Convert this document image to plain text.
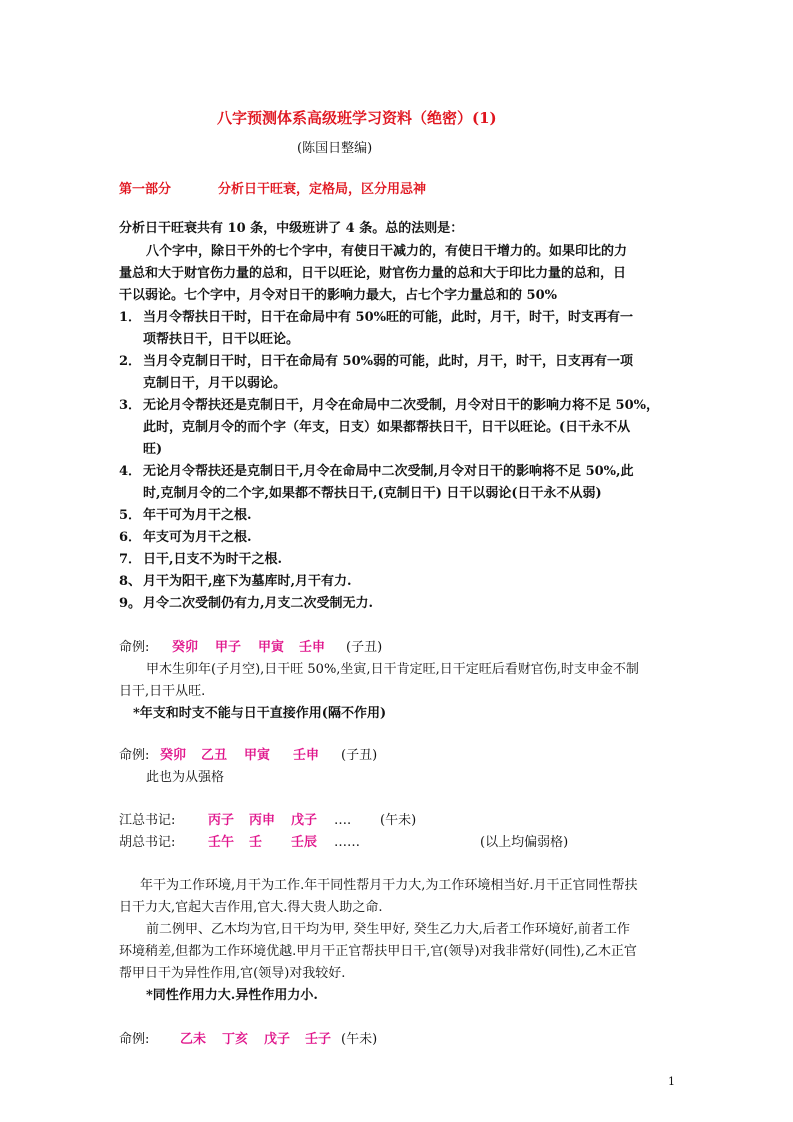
八字预测体系高级班学习资料（绝密）(1)
(陈国日整编)
第一部分	分析日干旺衰，定格局，区分用忌神
分析日干旺衰共有 10 条，中级班讲了 4 条。总的法则是：
八个字中，除日干外的七个字中，有使日干减力的，有使日干增力的。如果印比的力
量总和大于财官伤力量的总和，日干以旺论，财官伤力量的总和大于印比力量的总和，日
干以弱论。七个字中，月令对日干的影响力最大，占七个字力量总和的 50%
1． 当月令帮扶日干时，日干在命局中有 50%旺的可能，此时，月干，时干，时支再有一
项帮扶日干，日干以旺论。
2． 当月令克制日干时，日干在命局有 50%弱的可能，此时，月干，时干，日支再有一项
克制日干，月干以弱论。
3． 无论月令帮扶还是克制日干，月令在命局中二次受制，月令对日干的影响力将不足 50%，
此时，克制月令的而个字（年支，日支）如果都帮扶日干，日干以旺论。(日干永不从
旺)
4． 无论月令帮扶还是克制日干,月令在命局中二次受制,月令对日干的影响将不足 50%,此
时,克制月令的二个字,如果都不帮扶日干,(克制日干) 日干以弱论(日干永不从弱)
5． 年干可为月干之根.
6． 年支可为月干之根.
7． 日干,日支不为时干之根.
8、 月干为阳干,座下为墓库时,月干有力.
9。 月令二次受制仍有力,月支二次受制无力.
命例: 癸卯 甲子 甲寅 壬申 (子丑)
甲木生卯年(子月空),日干旺 50%,坐寅,日干肯定旺,日干定旺后看财官伤,时支申金不制
日干,日干从旺.
*年支和时支不能与日干直接作用(隔不作用)
命例: 癸卯 乙丑 甲寅 壬申 (子丑)
此也为从强格
江总书记:	丙子 丙申 戊子 …. (午未)
胡总书记:	壬午 壬 壬辰 ……	(以上均偏弱格)
年干为工作环境,月干为工作.年干同性帮月干力大,为工作环境相当好.月干正官同性帮扶
日干力大,官起大吉作用,官大.得大贵人助之命.
前二例甲、乙木均为官,日干均为甲, 癸生甲好, 癸生乙力大,后者工作环境好,前者工作
环境稍差,但都为工作环境优越.甲月干正官帮扶甲日干,官(领导)对我非常好(同性),乙木正官
帮甲日干为异性作用,官(领导)对我较好.
*同性作用力大.异性作用力小.
命例: 乙未 丁亥 戊子 壬子 (午未)
1
